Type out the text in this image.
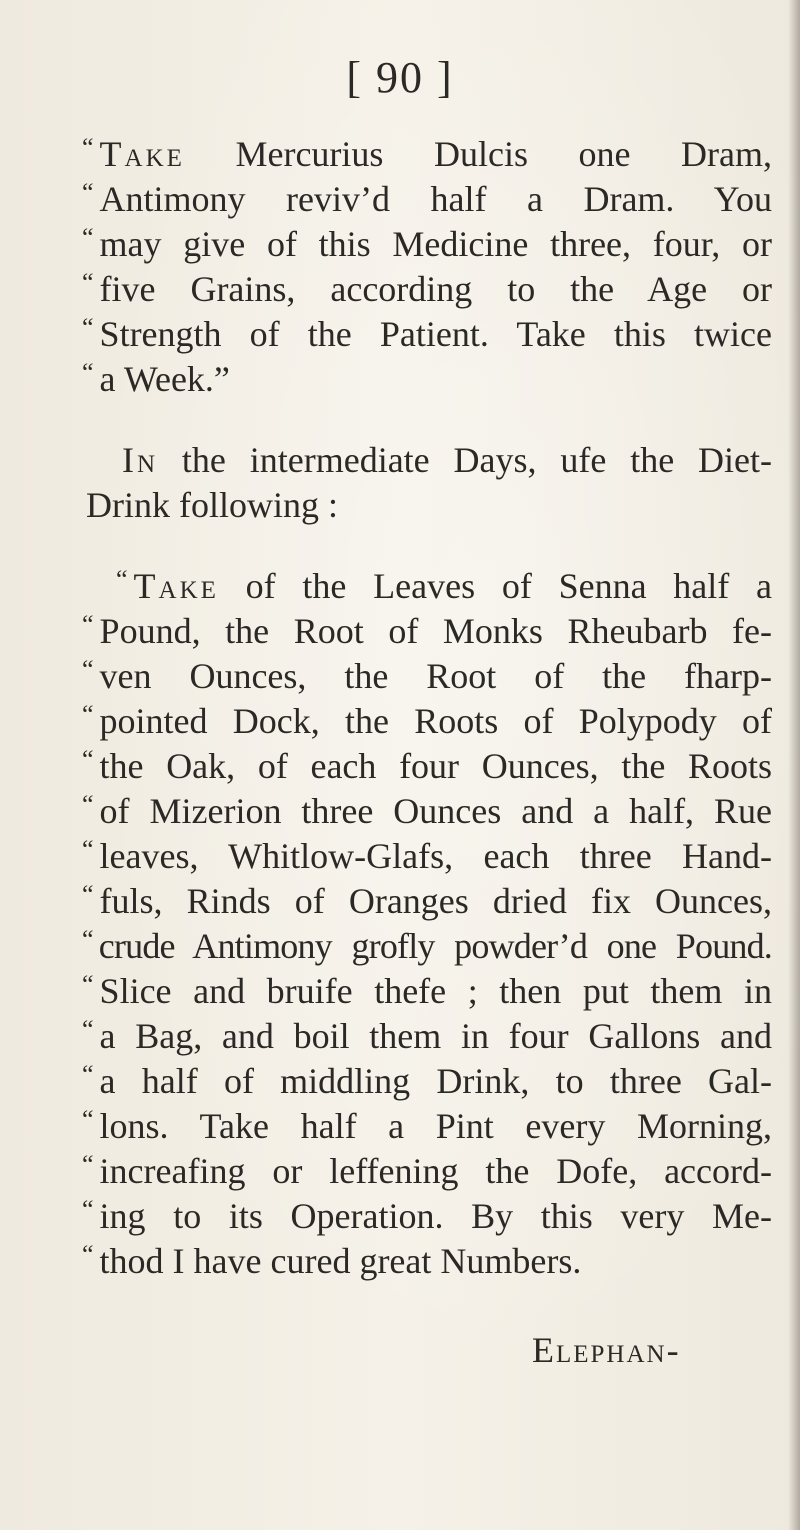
[ 90 ]
“ Take Mercurius Dulcis one Dram,
“ Antimony reviv’d half a Dram. You
“ may give of this Medicine three, four, or
“ five Grains, according to the Age or
“ Strength of the Patient. Take this twice
“ a Week.”
In the intermediate Days, ufe the Diet-
Drink following :
“ Take of the Leaves of Senna half a
“ Pound, the Root of Monks Rheubarb fe-
“ ven Ounces, the Root of the fharp-
“ pointed Dock, the Roots of Polypody of
“ the Oak, of each four Ounces, the Roots
“ of Mizerion three Ounces and a half, Rue
“ leaves, Whitlow-Glafs, each three Hand-
“ fuls, Rinds of Oranges dried fix Ounces,
“ crude Antimony grofly powder’d one Pound.
“ Slice and bruife thefe ; then put them in
“ a Bag, and boil them in four Gallons and
“ a half of middling Drink, to three Gal-
“ lons. Take half a Pint every Morning,
“ increafing or leffening the Dofe, accord-
“ ing to its Operation. By this very Me-
“ thod I have cured great Numbers.
Elephan-
